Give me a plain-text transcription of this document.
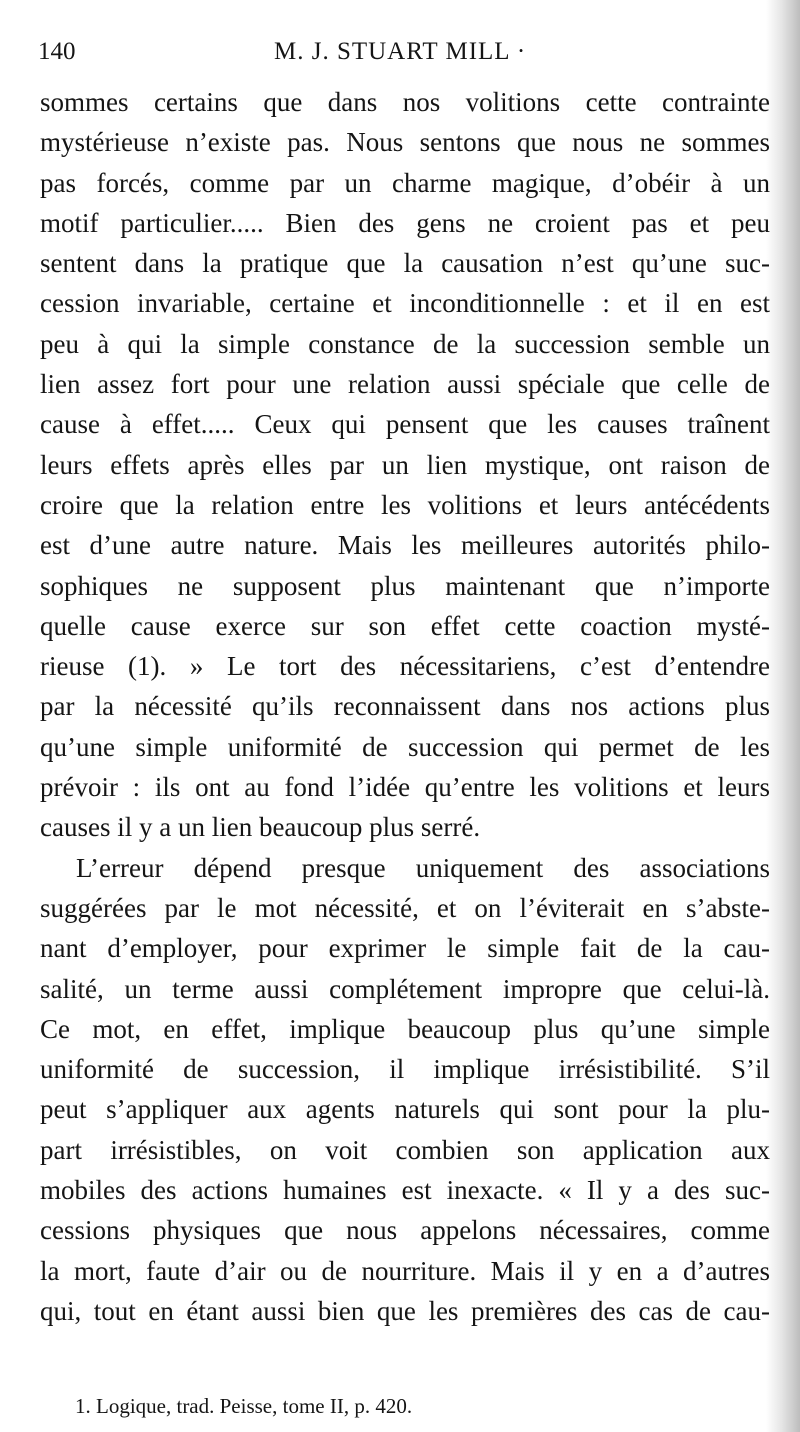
140	M. J. STUART MILL ·
sommes certains que dans nos volitions cette contrainte
mystérieuse n’existe pas. Nous sentons que nous ne sommes
pas forcés, comme par un charme magique, d’obéir à un
motif particulier..... Bien des gens ne croient pas et peu
sentent dans la pratique que la causation n’est qu’une suc-
cession invariable, certaine et inconditionnelle : et il en est
peu à qui la simple constance de la succession semble un
lien assez fort pour une relation aussi spéciale que celle de
cause à effet..... Ceux qui pensent que les causes traînent
leurs effets après elles par un lien mystique, ont raison de
croire que la relation entre les volitions et leurs antécédents
est d’une autre nature. Mais les meilleures autorités philo-
sophiques ne supposent plus maintenant que n’importe
quelle cause exerce sur son effet cette coaction mysté-
rieuse (1). » Le tort des nécessitariens, c’est d’entendre
par la nécessité qu’ils reconnaissent dans nos actions plus
qu’une simple uniformité de succession qui permet de les
prévoir : ils ont au fond l’idée qu’entre les volitions et leurs
causes il y a un lien beaucoup plus serré.
L’erreur dépend presque uniquement des associations
suggérées par le mot nécessité, et on l’éviterait en s’abste-
nant d’employer, pour exprimer le simple fait de la cau-
salité, un terme aussi complétement impropre que celui-là.
Ce mot, en effet, implique beaucoup plus qu’une simple
uniformité de succession, il implique irrésistibilité. S’il
peut s’appliquer aux agents naturels qui sont pour la plu-
part irrésistibles, on voit combien son application aux
mobiles des actions humaines est inexacte. « Il y a des suc-
cessions physiques que nous appelons nécessaires, comme
la mort, faute d’air ou de nourriture. Mais il y en a d’autres
qui, tout en étant aussi bien que les premières des cas de cau-
1. Logique, trad. Peisse, tome II, p. 420.
